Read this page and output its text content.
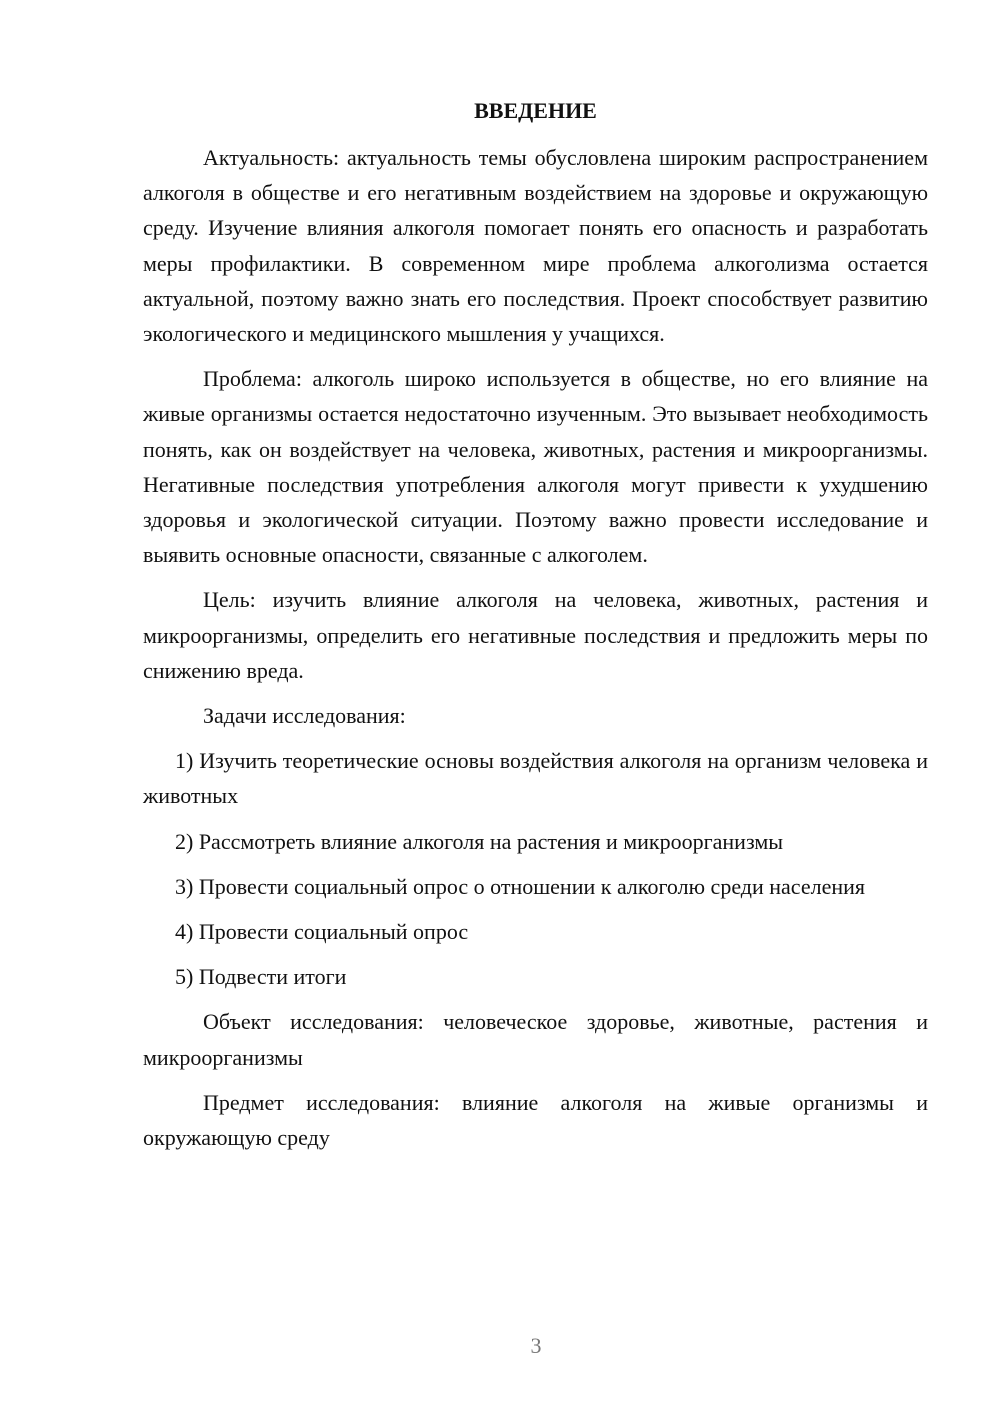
ВВЕДЕНИЕ

Актуальность: актуальность темы обусловлена широким распространением алкоголя в обществе и его негативным воздействием на здоровье и окружающую среду. Изучение влияния алкоголя помогает понять его опасность и разработать меры профилактики. В современном мире проблема алкоголизма остается актуальной, поэтому важно знать его последствия. Проект способствует развитию экологического и медицинского мышления у учащихся.

Проблема: алкоголь широко используется в обществе, но его влияние на живые организмы остается недостаточно изученным. Это вызывает необходимость понять, как он воздействует на человека, животных, растения и микроорганизмы. Негативные последствия употребления алкоголя могут привести к ухудшению здоровья и экологической ситуации. Поэтому важно провести исследование и выявить основные опасности, связанные с алкоголем.

Цель: изучить влияние алкоголя на человека, животных, растения и микроорганизмы, определить его негативные последствия и предложить меры по снижению вреда.

Задачи исследования:

1) Изучить теоретические основы воздействия алкоголя на организм человека и животных

2) Рассмотреть влияние алкоголя на растения и микроорганизмы

3) Провести социальный опрос о отношении к алкоголю среди населения

4) Провести социальный опрос

5) Подвести итоги

Объект исследования: человеческое здоровье, животные, растения и микроорганизмы

Предмет исследования: влияние алкоголя на живые организмы и окружающую среду

3
